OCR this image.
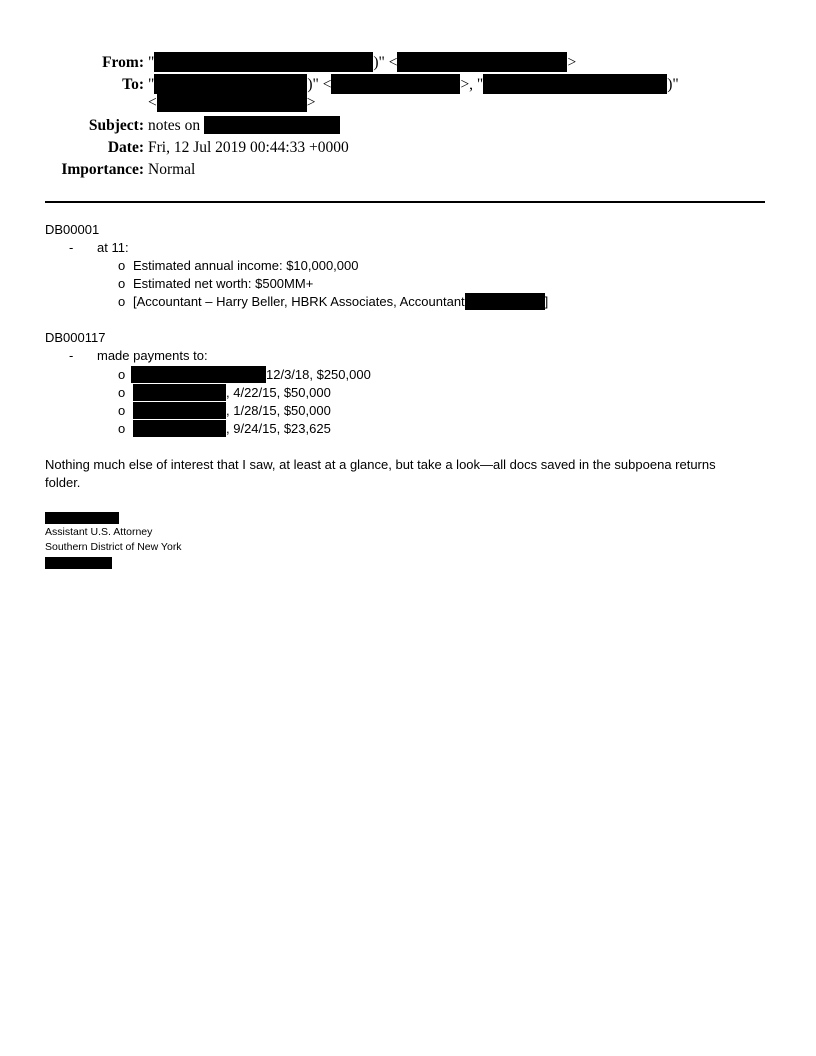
From: "	)" <	>
To: "	)" <	>, "	)"
<	>
Subject: notes on
Date: Fri, 12 Jul 2019 00:44:33 +0000
Importance: Normal
DB00001
- at 11:
o Estimated annual income: $10,000,000
o Estimated net worth: $500MM+
o [Accountant – Harry Beller, HBRK Associates, Accountant	]
DB000117
- made payments to:
o	12/3/18, $250,000
o	, 4/22/15, $50,000
o	, 1/28/15, $50,000
o	, 9/24/15, $23,625
Nothing much else of interest that I saw, at least at a glance, but take a look—all docs saved in the subpoena returns
folder.
Assistant U.S. Attorney
Southern District of New York
